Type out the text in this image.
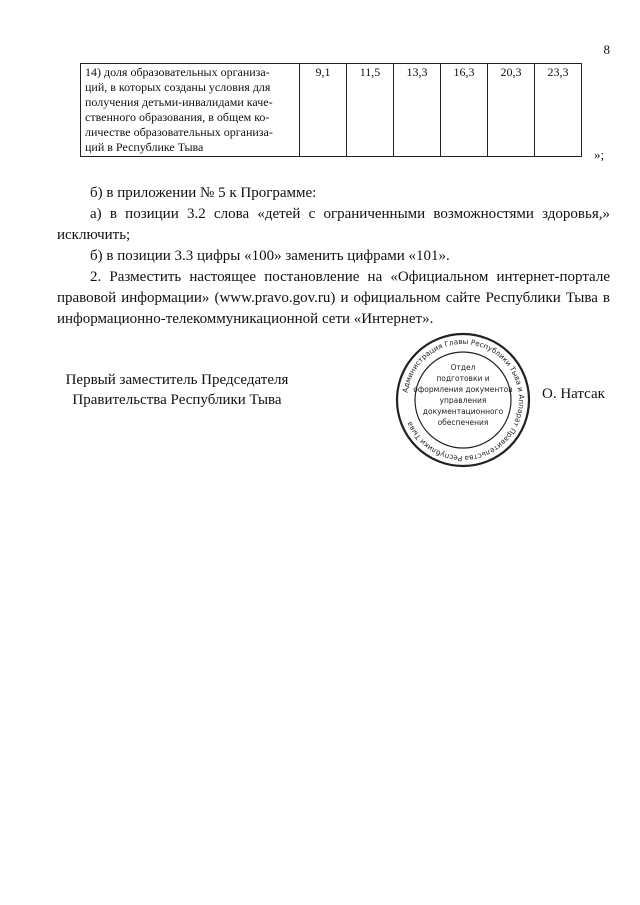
8
14) доля образовательных организа-
ций, в которых созданы условия для
получения детьми-инвалидами каче-
ственного образования, в общем ко-
личестве образовательных организа-
ций в Республике Тыва
	9,1	11,5	13,3	16,3	20,3	23,3
»;
б) в приложении № 5 к Программе:
а) в позиции 3.2 слова «детей с ограниченными возможностями здоровья,» исключить;
б) в позиции 3.3 цифры «100» заменить цифрами «101».
2. Разместить настоящее постановление на «Официальном интернет-портале правовой информации» (www.pravo.gov.ru) и официальном сайте Республики Тыва в информационно-телекоммуникационной сети «Интернет».
Первый заместитель Председателя
Правительства Республики Тыва
Администрация Главы Республики Тыва и Аппарат Правительства Республики Тыва
Отдел
подготовки и
оформления документов
управления
документационного
обеспечения
О. Натсак
